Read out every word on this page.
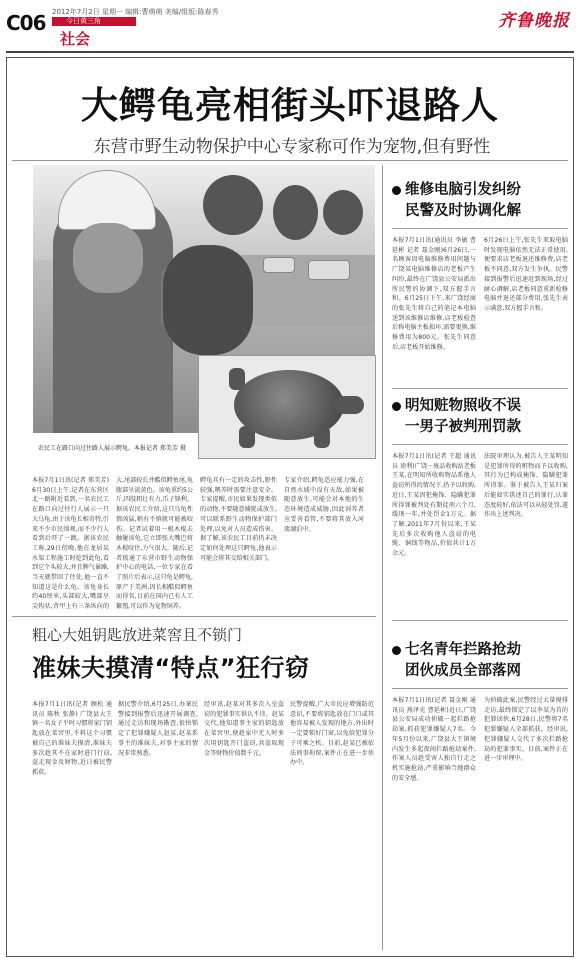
C06 2012年7月2日 星期一 编辑:曹萌萌 美编/组版:陈春秀
今日黄三角
社会
齐鲁晚报
大鳄龟亮相街头吓退路人
东营市野生动物保护中心专家称可作为宠物,但有野性
农民工在路口向过往路人展示鳄龟。本报记者 郑美芳 摄
本报7月1日讯(记者 郑美芳) 6月30日上午,记者在东营区北一路附近看到,一名农民工在路口向过往行人展示一只大乌龟,由于该龟长相奇特,引来不少市民围观,而不少行人看到后吓了一跳。据该农民工称,29日傍晚,他在龙居某水渠工程施工时挖到此龟,看到它个头较大,并且脾气暴躁,当天就带回了住处,他一直不知道这是什么龟。该龟身长约40厘米,头部较大,嘴部呈尖钩状,背甲上有三条纵向的
大,尾部较长并酷似鳄鱼尾,龟腹部呈淡黄色。该龟重约5公斤,四肢粗壮有力,爪子锋利。据该农民工介绍,这只乌龟性情凶猛,稍有不慎就可能被咬伤。记者试着用一根木棍去触碰该龟,它立即张大嘴巴将木棍咬住,力气很大。随后,记者拨通了东营市野生动物保护中心的电话,一位专家在看了照片后表示,这只龟是鳄龟,原产于美洲,因长相酷似鳄鱼而得名,目前在国内已有人工繁殖,可以作为宠物饲养。
鳄龟具有一定的攻击性,野性较强,喂养时需要注意安全。专家提醒,市民如果发现类似的动物,不要随意捕捉或放生,可以联系野生动物保护部门处理,以免对人员造成伤害。据了解,该农民工目前仍未决定如何处理这只鳄龟,他表示可能会将其交给相关部门。
专家介绍,鳄龟适应能力强,在自然水域中没有天敌,如果被随意放生,可能会对本地的生态环境造成威胁,因此饲养者应妥善看管,不要将其放入河流湖泊中。
维修电脑引发纠纷
民警及时协调化解
本报7月1日讯(通讯员 李敏 曹延彬 记者 聂金刚)6月26日,一名顾客因电脑维修费用问题与广饶某电脑维修店的老板产生纠纷,最终在广饶县公安局派出所民警的协调下,双方握手言和。6月25日下午,来广饶经商的张先生将自己的笔记本电脑送到该维修店维修,店老板检查后称电脑主板损坏,需要更换,维修费用为800元。张先生同意后,店老板开始维修。
6月26日上午,张先生来取电脑时发现电脑依然无法正常使用,便要求店老板退还维修费,店老板不同意,双方发生争执。民警接到报警后迅速赶到现场,经过耐心调解,店老板同意重新检修电脑并退还部分费用,张先生表示满意,双方握手言和。
明知赃物照收不误
一男子被判刑罚款
本报7月1日讯(记者 王超 通讯员 徐利)广饶一废品收购站老板王某,在明知所收购物品系他人盗窃所得的情况下,仍予以收购,近日,王某因犯掩饰、隐瞒犯罪所得罪被判处有期徒刑六个月,缓刑一年,并处罚金1万元。据了解,2011年7月份以来,王某先后多次收购他人盗窃的电缆、铜线等物品,价值共计1万余元。
法院审理认为,被告人王某明知是犯罪所得的赃物而予以收购,其行为已构成掩饰、隐瞒犯罪所得罪。鉴于被告人王某归案后能如实供述自己的罪行,认罪态度较好,依法可以从轻处罚,遂作出上述判决。
七名青年拦路抢劫
团伙成员全部落网
本报7月1日讯(记者 聂金刚 通讯员 燕泽光 曹延彬)近日,广饶县公安局成功侦破一起拦路抢劫案,抓获犯罪嫌疑人7名。今年5月份以来,广饶县大王镇境内发生多起夜间拦路抢劫案件,作案人员趁受害人独自行走之机实施抢劫,严重影响当地群众的安全感。
为侦破此案,民警经过大量摸排走访,最终锁定了以李某为首的犯罪团伙,6月28日,民警将7名犯罪嫌疑人全部抓获。经审讯,犯罪嫌疑人交代了多次拦路抢劫的犯罪事实。目前,案件正在进一步审理中。
粗心大姐钥匙放进菜窖且不锁门
准妹夫摸清“特点”狂行窃
本报7月1日讯(记者 顾松 通讯员 陈秋 张静) 广饶县大王镇一名女子平时习惯将家门钥匙放在菜窖里,不料这个习惯被自己的准妹夫摸清,准妹夫多次趁其不在家时进门行窃,盗走现金及财物,近日被民警抓获。
据民警介绍,6月25日,办案民警接到报警后迅速开展调查,通过走访和现场勘查,很快锁定了犯罪嫌疑人赵某,赵某系事主的准妹夫,对事主家的情况非常熟悉。
经审讯,赵某对其多次入室盗窃的犯罪事实供认不讳。赵某交代,他知道事主家的钥匙放在菜窖里,便趁家中无人时多次用钥匙开门盗窃,共盗取现金等财物价值数千元。
民警提醒,广大市民应增强防范意识,不要将钥匙放在门口或其他容易被人发现的地方,外出时一定要锁好门窗,以免给犯罪分子可乘之机。目前,赵某已被依法刑事拘留,案件正在进一步侦办中。
